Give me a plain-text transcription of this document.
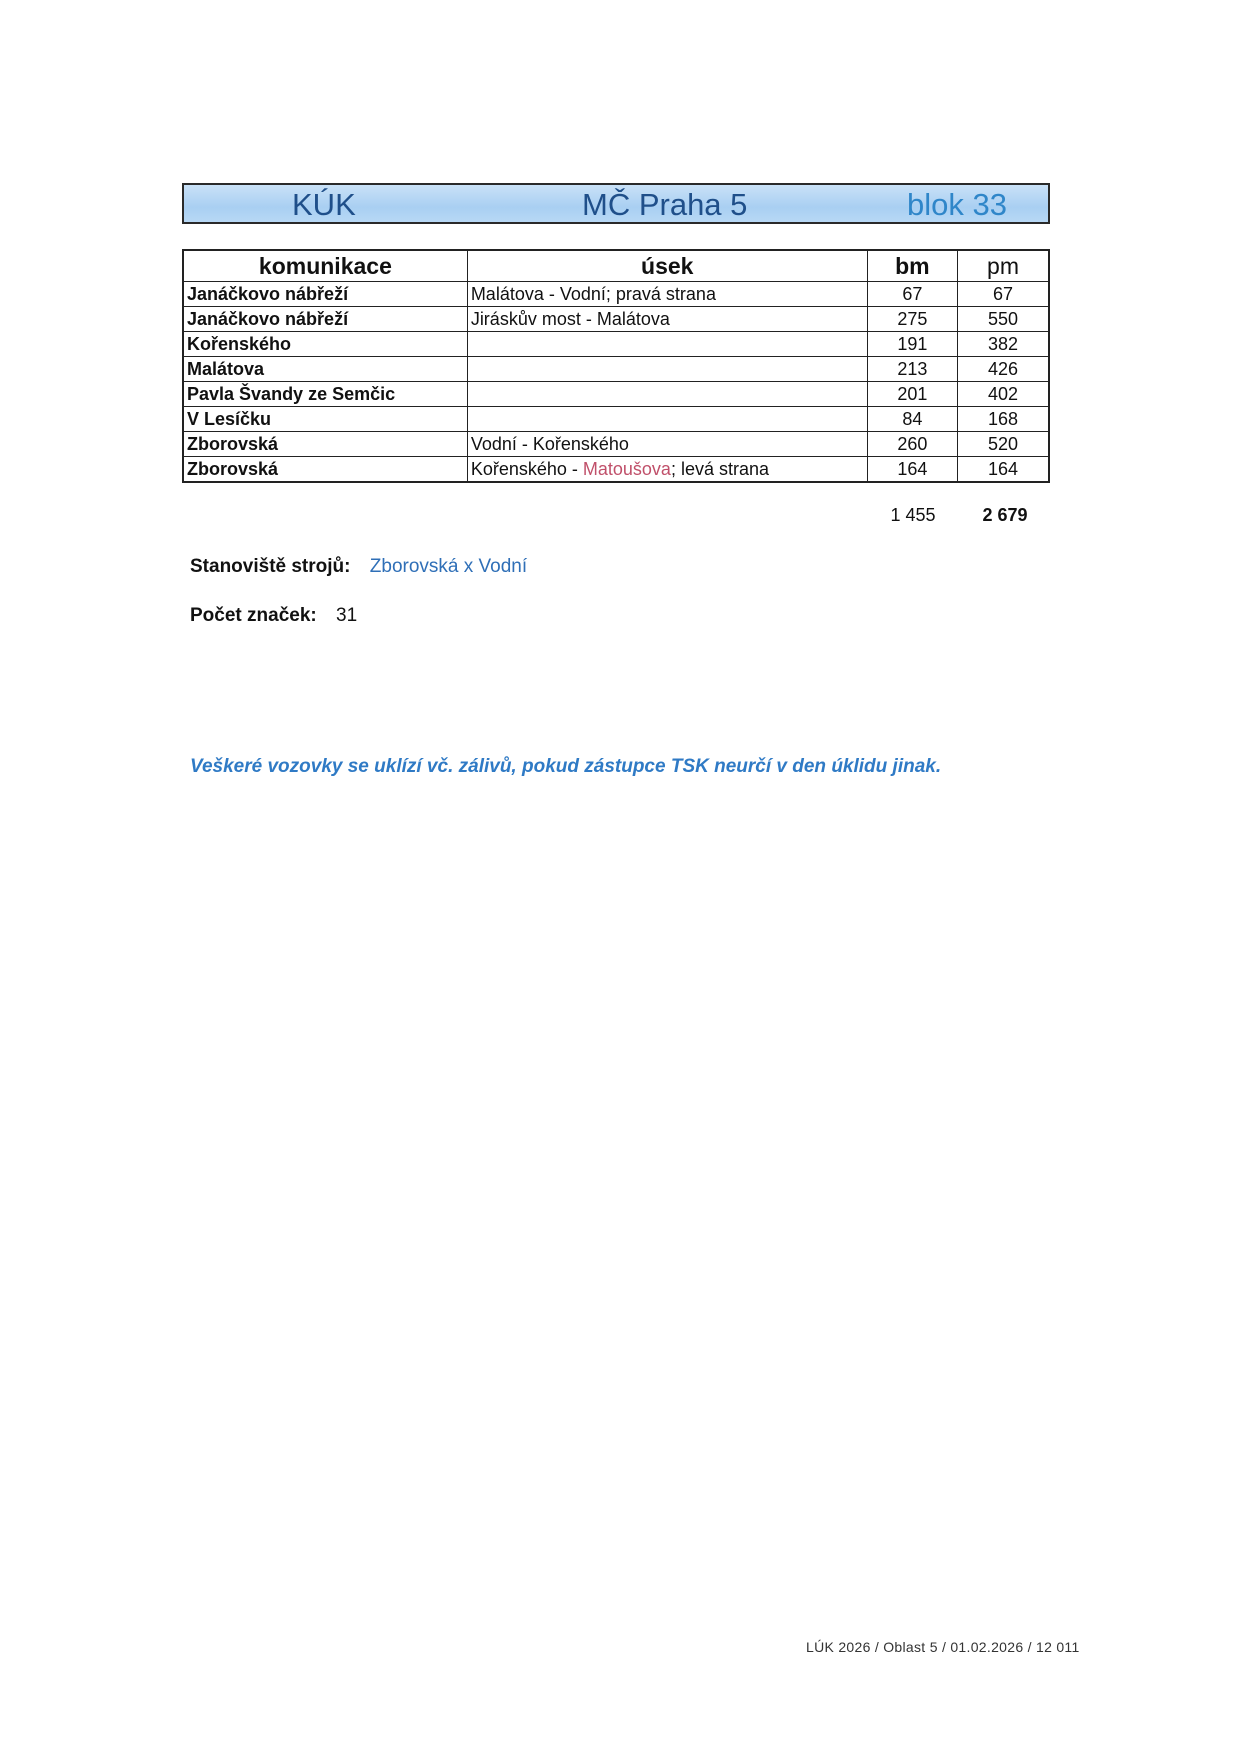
KÚK	MČ Praha 5	blok 33
komunikace	úsek	bm	pm
Janáčkovo nábřeží	Malátova - Vodní; pravá strana	67	67
Janáčkovo nábřeží	Jiráskův most - Malátova	275	550
Kořenského		191	382
Malátova		213	426
Pavla Švandy ze Semčic		201	402
V Lesíčku		84	168
Zborovská	Vodní - Kořenského	260	520
Zborovská	Kořenského - Matoušova; levá strana	164	164
1 455	2 679
Stanoviště strojů: Zborovská x Vodní
Počet značek: 31
Veškeré vozovky se uklízí vč. zálivů, pokud zástupce TSK neurčí v den úklidu jinak.
LÚK 2026 / Oblast 5 / 01.02.2026 / 12 011
